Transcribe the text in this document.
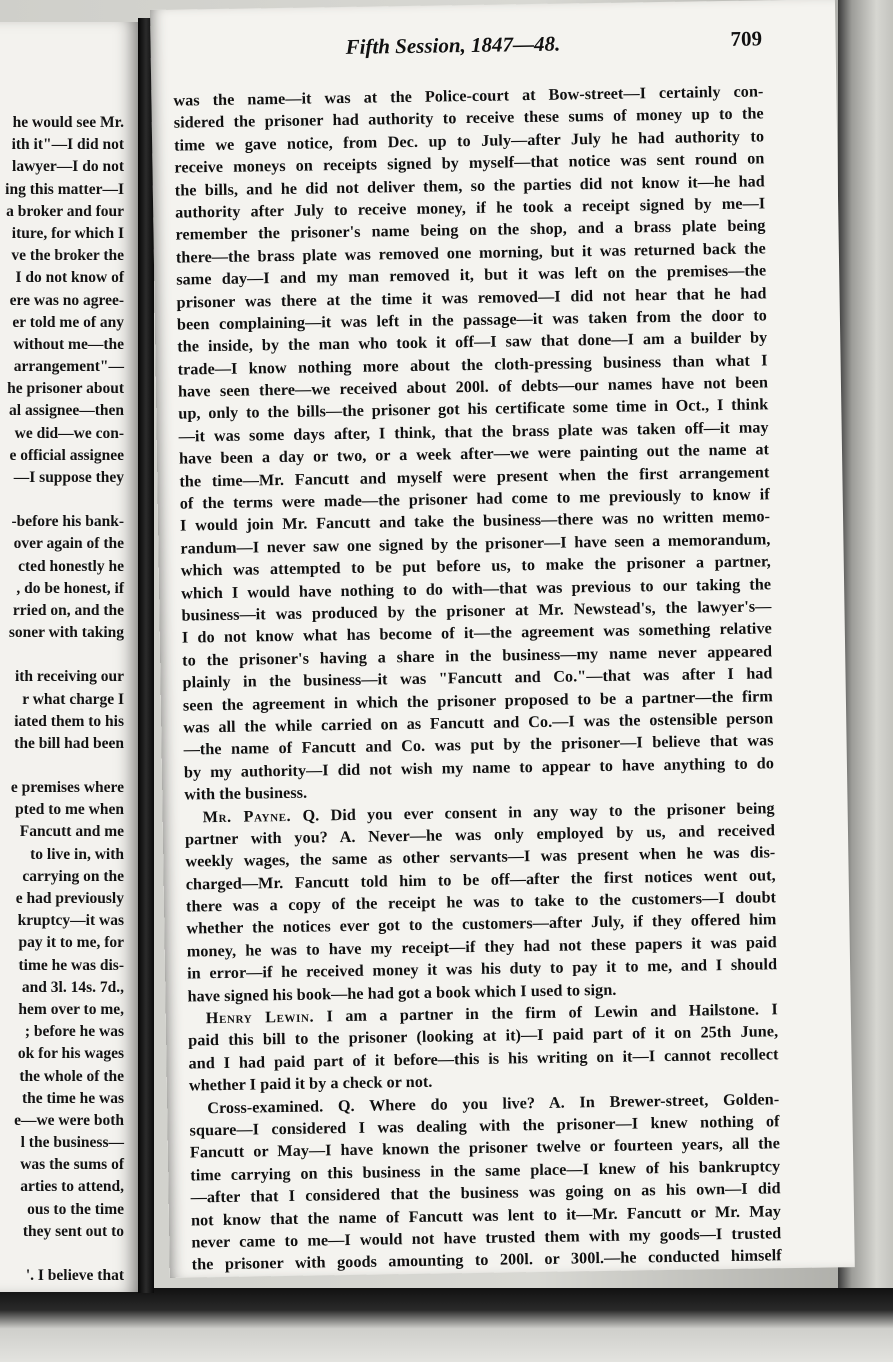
he would see Mr.
ith it"—I did not
lawyer—I do not
ing this matter—I
a broker and four
iture, for which I
ve the broker the
I do not know of
ere was no agree-
er told me of any
without me—the
arrangement"—
he prisoner about
al assignee—then
we did—we con-
e official assignee
—I suppose they
-before his bank-
over again of the
cted honestly he
, do be honest, if
rried on, and the
soner with taking
ith receiving our
r what charge I
iated them to his
the bill had been
e premises where
pted to me when
Fancutt and me
to live in, with
carrying on the
e had previously
kruptcy—it was
pay it to me, for
time he was dis-
and 3l. 14s. 7d.,
hem over to me,
; before he was
ok for his wages
the whole of the
the time he was
e—we were both
l the business—
was the sums of
arties to attend,
ous to the time
they sent out to
'. I believe that
Fifth Session, 1847—48.	709
was the name—it was at the Police-court at Bow-street—I certainly con-
sidered the prisoner had authority to receive these sums of money up to the
time we gave notice, from Dec. up to July—after July he had authority to
receive moneys on receipts signed by myself—that notice was sent round on
the bills, and he did not deliver them, so the parties did not know it—he had
authority after July to receive money, if he took a receipt signed by me—I
remember the prisoner's name being on the shop, and a brass plate being
there—the brass plate was removed one morning, but it was returned back the
same day—I and my man removed it, but it was left on the premises—the
prisoner was there at the time it was removed—I did not hear that he had
been complaining—it was left in the passage—it was taken from the door to
the inside, by the man who took it off—I saw that done—I am a builder by
trade—I know nothing more about the cloth-pressing business than what I
have seen there—we received about 200l. of debts—our names have not been
up, only to the bills—the prisoner got his certificate some time in Oct., I think
—it was some days after, I think, that the brass plate was taken off—it may
have been a day or two, or a week after—we were painting out the name at
the time—Mr. Fancutt and myself were present when the first arrangement
of the terms were made—the prisoner had come to me previously to know if
I would join Mr. Fancutt and take the business—there was no written memo-
randum—I never saw one signed by the prisoner—I have seen a memorandum,
which was attempted to be put before us, to make the prisoner a partner,
which I would have nothing to do with—that was previous to our taking the
business—it was produced by the prisoner at Mr. Newstead's, the lawyer's—
I do not know what has become of it—the agreement was something relative
to the prisoner's having a share in the business—my name never appeared
plainly in the business—it was "Fancutt and Co."—that was after I had
seen the agreement in which the prisoner proposed to be a partner—the firm
was all the while carried on as Fancutt and Co.—I was the ostensible person
—the name of Fancutt and Co. was put by the prisoner—I believe that was
by my authority—I did not wish my name to appear to have anything to do
with the business.
Mr. Payne. Q. Did you ever consent in any way to the prisoner being
partner with you? A. Never—he was only employed by us, and received
weekly wages, the same as other servants—I was present when he was dis-
charged—Mr. Fancutt told him to be off—after the first notices went out,
there was a copy of the receipt he was to take to the customers—I doubt
whether the notices ever got to the customers—after July, if they offered him
money, he was to have my receipt—if they had not these papers it was paid
in error—if he received money it was his duty to pay it to me, and I should
have signed his book—he had got a book which I used to sign.
Henry Lewin. I am a partner in the firm of Lewin and Hailstone. I
paid this bill to the prisoner (looking at it)—I paid part of it on 25th June,
and I had paid part of it before—this is his writing on it—I cannot recollect
whether I paid it by a check or not.
Cross-examined. Q. Where do you live? A. In Brewer-street, Golden-
square—I considered I was dealing with the prisoner—I knew nothing of
Fancutt or May—I have known the prisoner twelve or fourteen years, all the
time carrying on this business in the same place—I knew of his bankruptcy
—after that I considered that the business was going on as his own—I did
not know that the name of Fancutt was lent to it—Mr. Fancutt or Mr. May
never came to me—I would not have trusted them with my goods—I trusted
the prisoner with goods amounting to 200l. or 300l.—he conducted himself
